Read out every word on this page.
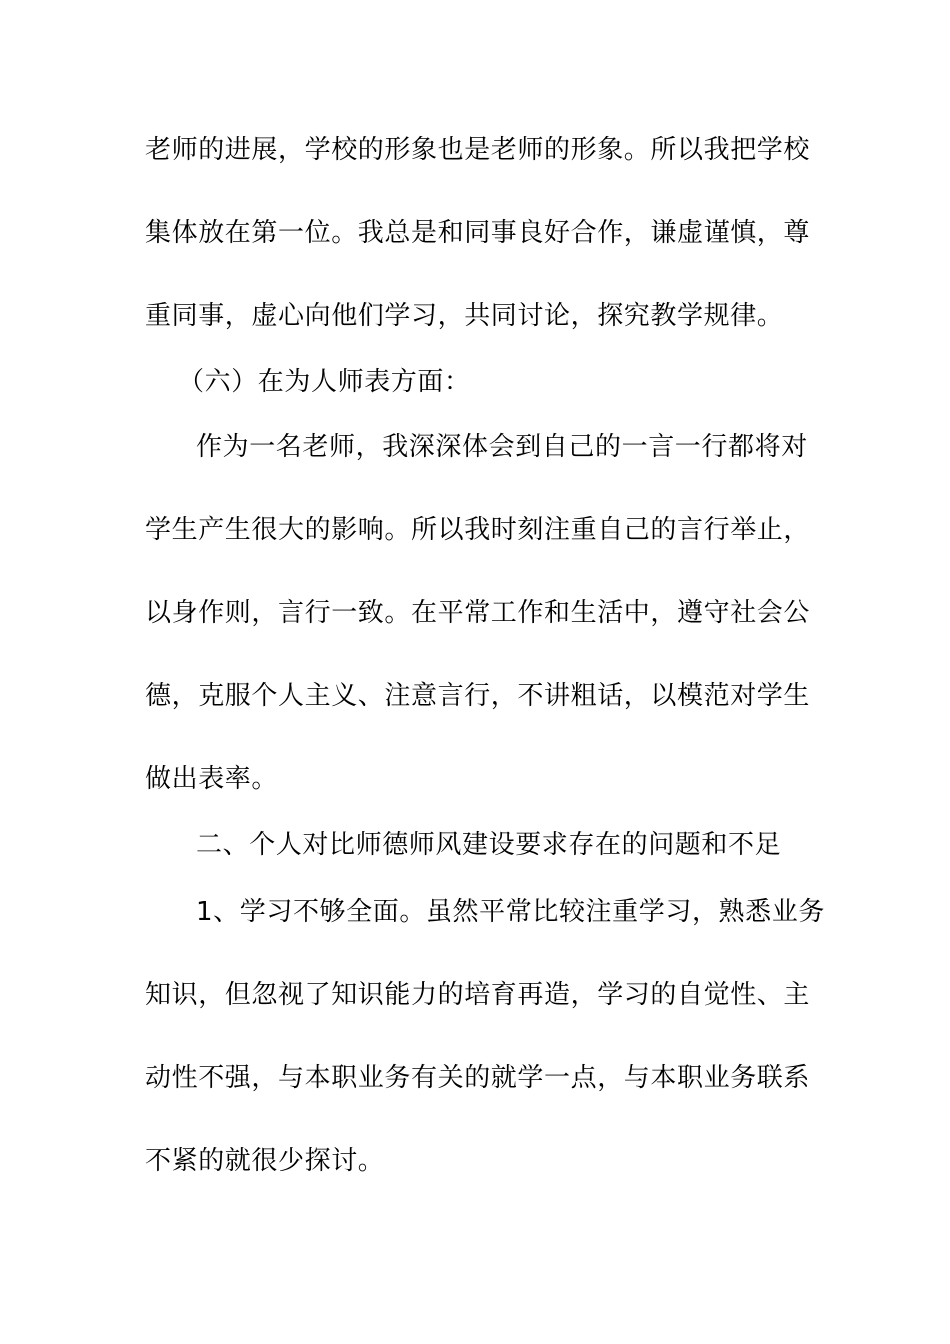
老师的进展，学校的形象也是老师的形象。所以我把学校
集体放在第一位。我总是和同事良好合作，谦虚谨慎，尊
重同事，虚心向他们学习，共同讨论，探究教学规律。
（六）在为人师表方面：
作为一名老师，我深深体会到自己的一言一行都将对
学生产生很大的影响。所以我时刻注重自己的言行举止，
以身作则，言行一致。在平常工作和生活中，遵守社会公
德，克服个人主义、注意言行，不讲粗话，以模范对学生
做出表率。
二、个人对比师德师风建设要求存在的问题和不足
1、学习不够全面。虽然平常比较注重学习，熟悉业务
知识，但忽视了知识能力的培育再造，学习的自觉性、主
动性不强，与本职业务有关的就学一点，与本职业务联系
不紧的就很少探讨。
